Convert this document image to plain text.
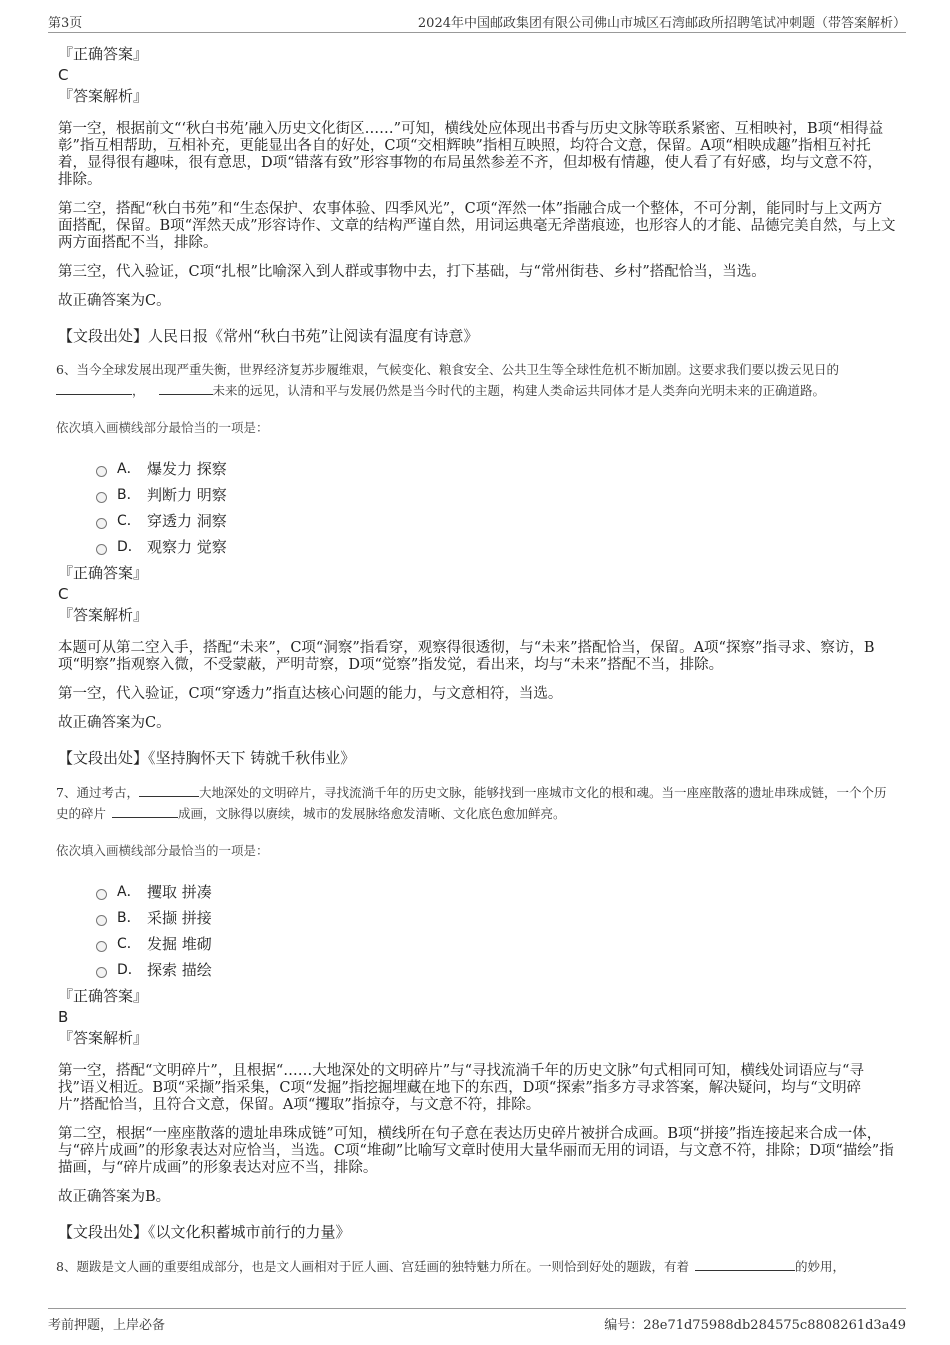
第3页	2024年中国邮政集团有限公司佛山市城区石湾邮政所招聘笔试冲刺题（带答案解析）
『正确答案』
C
『答案解析』
第一空，根据前文“‘秋白书苑’融入历史文化街区……”可知，横线处应体现出书香与历史文脉等联系紧密、互相映衬，B项“相得益彰”指互相帮助，互相补充，更能显出各自的好处，C项“交相辉映”指相互映照，均符合文意，保留。A项“相映成趣”指相互衬托着，显得很有趣味，很有意思，D项“错落有致”形容事物的布局虽然参差不齐，但却极有情趣，使人看了有好感，均与文意不符，排除。
第二空，搭配“秋白书苑”和“生态保护、农事体验、四季风光”，C项“浑然一体”指融合成一个整体，不可分割，能同时与上文两方面搭配，保留。B项“浑然天成”形容诗作、文章的结构严谨自然，用词运典毫无斧凿痕迹，也形容人的才能、品德完美自然，与上文两方面搭配不当，排除。
第三空，代入验证，C项“扎根”比喻深入到人群或事物中去，打下基础，与“常州街巷、乡村”搭配恰当，当选。
故正确答案为C。
【文段出处】人民日报《常州“秋白书苑”让阅读有温度有诗意》
6、当今全球发展出现严重失衡，世界经济复苏步履维艰，气候变化、粮食安全、公共卫生等全球性危机不断加剧。这要求我们要以拨云见日的
，	未来的远见，认清和平与发展仍然是当今时代的主题，构建人类命运共同体才是人类奔向光明未来的正确道路。
依次填入画横线部分最恰当的一项是：
A． 爆发力 探察
B． 判断力 明察
C． 穿透力 洞察
D． 观察力 觉察
『正确答案』
C
『答案解析』
本题可从第二空入手，搭配“未来”，C项“洞察”指看穿，观察得很透彻，与“未来”搭配恰当，保留。A项“探察”指寻求、察访，B项“明察”指观察入微，不受蒙蔽，严明苛察，D项“觉察”指发觉，看出来，均与“未来”搭配不当，排除。
第一空，代入验证，C项“穿透力”指直达核心问题的能力，与文意相符，当选。
故正确答案为C。
【文段出处】《坚持胸怀天下 铸就千秋伟业》
7、通过考古，	大地深处的文明碎片，寻找流淌千年的历史文脉，能够找到一座城市文化的根和魂。当一座座散落的遗址串珠成链，一个个历史的碎片	成画，文脉得以赓续，城市的发展脉络愈发清晰、文化底色愈加鲜亮。
依次填入画横线部分最恰当的一项是：
A． 攫取 拼凑
B． 采撷 拼接
C． 发掘 堆砌
D． 探索 描绘
『正确答案』
B
『答案解析』
第一空，搭配“文明碎片”，且根据“……大地深处的文明碎片”与“寻找流淌千年的历史文脉”句式相同可知，横线处词语应与“寻找”语义相近。B项“采撷”指采集，C项“发掘”指挖掘埋藏在地下的东西，D项“探索”指多方寻求答案，解决疑问，均与“文明碎片”搭配恰当，且符合文意，保留。A项“攫取”指掠夺，与文意不符，排除。
第二空，根据“一座座散落的遗址串珠成链”可知，横线所在句子意在表达历史碎片被拼合成画。B项“拼接”指连接起来合成一体，与“碎片成画”的形象表达对应恰当，当选。C项“堆砌”比喻写文章时使用大量华丽而无用的词语，与文意不符，排除；D项“描绘”指描画，与“碎片成画”的形象表达对应不当，排除。
故正确答案为B。
【文段出处】《以文化积蓄城市前行的力量》
8、题跋是文人画的重要组成部分，也是文人画相对于匠人画、宫廷画的独特魅力所在。一则恰到好处的题跋，有着	的妙用，
考前押题，上岸必备	编号：28e71d75988db284575c8808261d3a49
